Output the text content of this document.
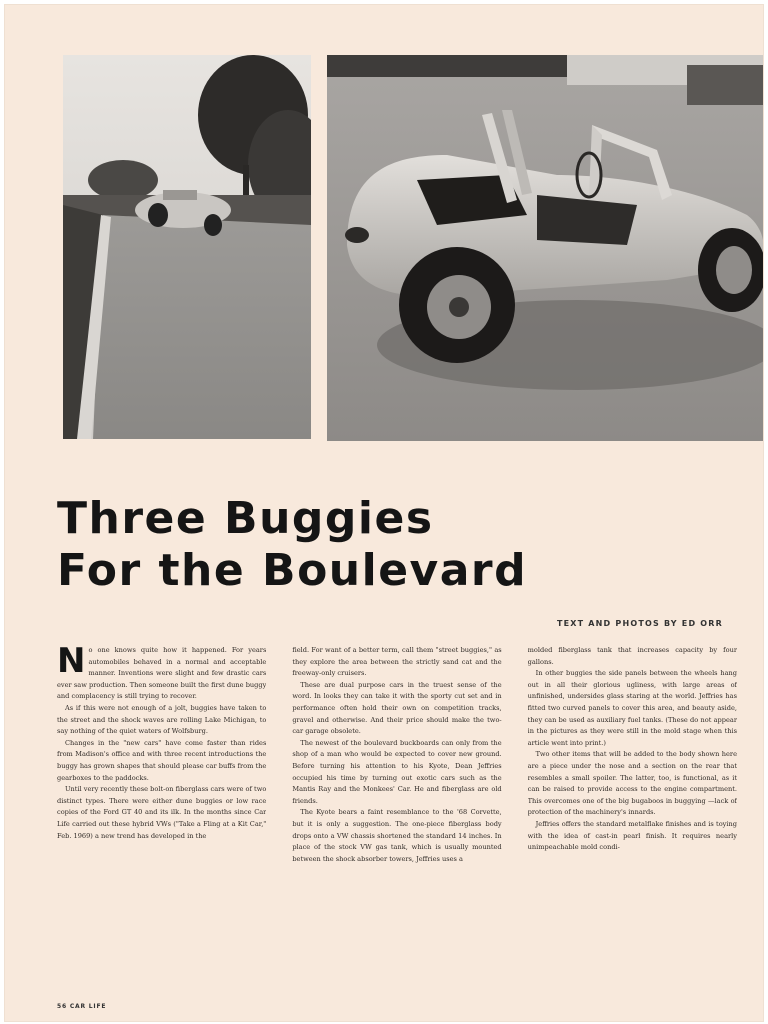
Three Buggies
For the Boulevard
TEXT AND PHOTOS BY ED ORR

No one knows quite how it happened. For years automobiles behaved in a normal and acceptable manner. Inventions were slight and few drastic cars ever saw production. Then someone built the first dune buggy and complacency is still trying to recover.

As if this were not enough of a jolt, buggies have taken to the street and the shock waves are rolling Lake Michigan, to say nothing of the quiet waters of Wolfsburg.

Changes in the "new cars" have come faster than rides from Madison's office and with three recent introductions the buggy has grown shapes that should please car buffs from the gearboxes to the paddocks.

Until very recently these bolt-on fiberglass cars were of two distinct types. There were either dune buggies or low race copies of the Ford GT 40 and its ilk. In the months since Car Life carried out these hybrid VWs ("Take a Fling at a Kit Car," Feb. 1969) a new trend has developed in the

field. For want of a better term, call them "street buggies," as they explore the area between the strictly sand cat and the freeway-only cruisers.

These are dual purpose cars in the truest sense of the word. In looks they can take it with the sporty cut set and in performance often hold their own on competition tracks, gravel and otherwise. And their price should make the two-car garage obsolete.

The newest of the boulevard buckboards can only from the shop of a man who would be expected to cover new ground. Before turning his attention to his Kyote, Dean Jeffries occupied his time by turning out exotic cars such as the Mantis Ray and the Monkees' Car. He and fiberglass are old friends.

The Kyote bears a faint resemblance to the '68 Corvette, but it is only a suggestion. The one-piece fiberglass body drops onto a VW chassis shortened the standard 14 inches. In place of the stock VW gas tank, which is usually mounted between the shock absorber towers, Jeffries uses a

molded fiberglass tank that increases capacity by four gallons.

In other buggies the side panels between the wheels hang out in all their glorious ugliness, with large areas of unfinished, undersides glass staring at the world. Jeffries has fitted two curved panels to cover this area, and beauty aside, they can be used as auxiliary fuel tanks. (These do not appear in the pictures as they were still in the mold stage when this article went into print.)

Two other items that will be added to the body shown here are a piece under the nose and a section on the rear that resembles a small spoiler. The latter, too, is functional, as it can be raised to provide access to the engine compartment. This overcomes one of the big bugaboos in buggying —lack of protection of the machinery's innards.

Jeffries offers the standard metalflake finishes and is toying with the idea of cast-in pearl finish. It requires nearly unimpeachable mold condi-

56 CAR LIFE
